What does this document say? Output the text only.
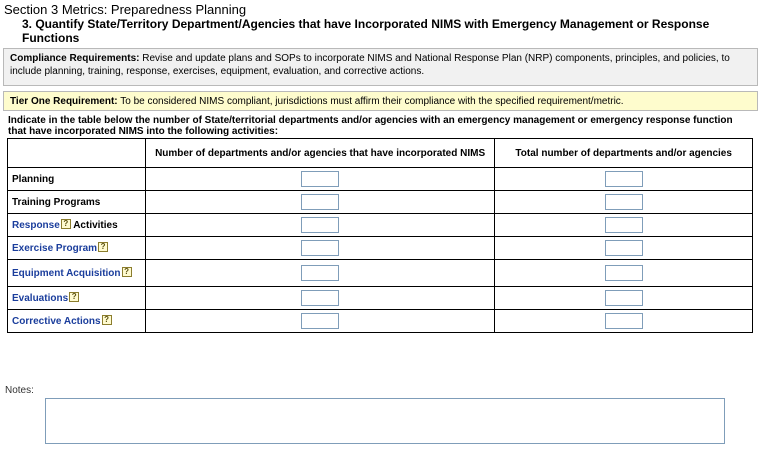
Section 3 Metrics: Preparedness Planning
3. Quantify State/Territory Department/Agencies that have Incorporated NIMS with Emergency Management or Response Functions
Compliance Requirements: Revise and update plans and SOPs to incorporate NIMS and National Response Plan (NRP) components, principles, and policies, to include planning, training, response, exercises, equipment, evaluation, and corrective actions.
Tier One Requirement: To be considered NIMS compliant, jurisdictions must affirm their compliance with the specified requirement/metric.
Indicate in the table below the number of State/territorial departments and/or agencies with an emergency management or emergency response function that have incorporated NIMS into the following activities:
	Number of departments and/or agencies that have incorporated NIMS	Total number of departments and/or agencies
Planning		
Training Programs		
Response ? Activities		
Exercise Program ?		
Equipment Acquisition ?		
Evaluations ?		
Corrective Actions ?		
Notes:
